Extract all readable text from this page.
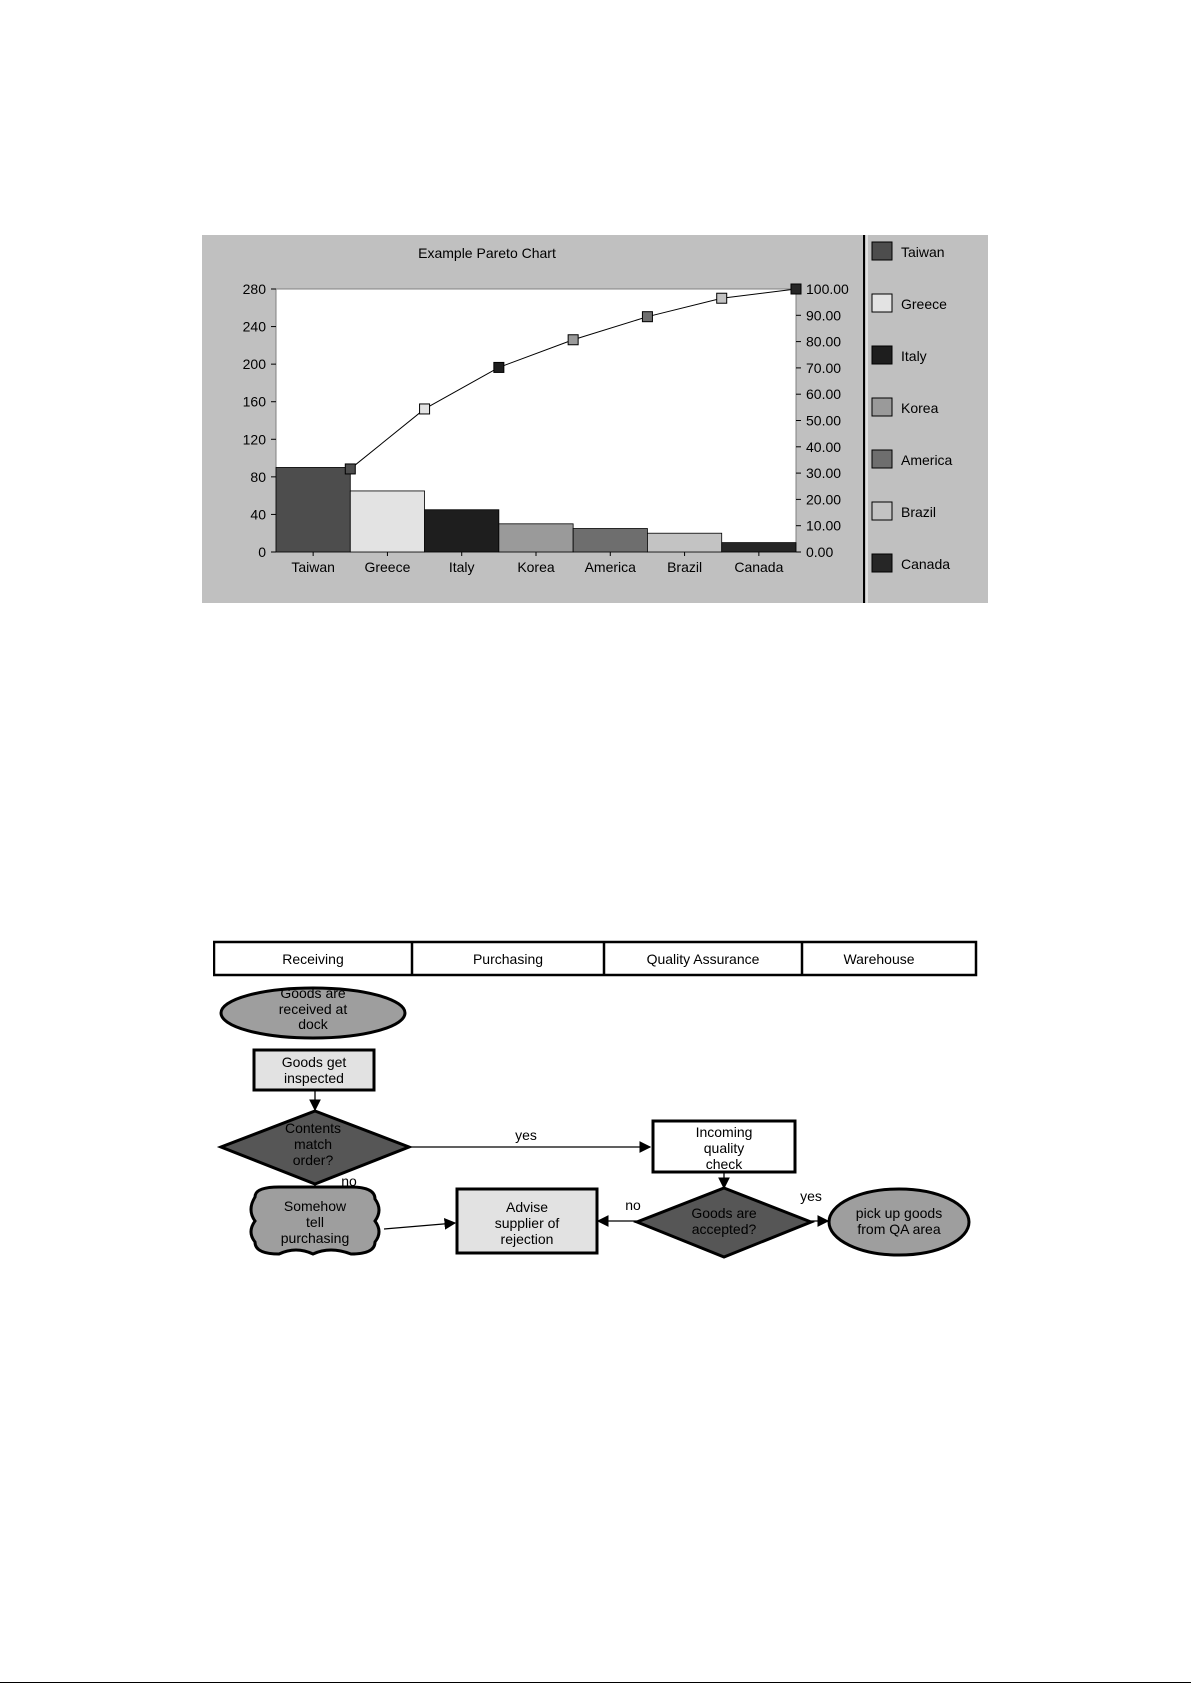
Example Pareto Chart
0
40
80
120
160
200
240
280
0.00
10.00
20.00
30.00
40.00
50.00
60.00
70.00
80.00
90.00
100.00
Taiwan Greece	Italy	Korea America Brazil Canada
Taiwan
Greece
Italy
Korea
America
Brazil
Canada
Receiving	Purchasing	Quality Assurance	Warehouse
Goods are
received at
dock
Goods get
inspected
Contents
match
order?
Somehow
tell
purchasing
Advise
supplier of
rejection
Incoming
quality
check
Goods are
accepted?
pick up goods
from QA area
yes
no
no
yes
